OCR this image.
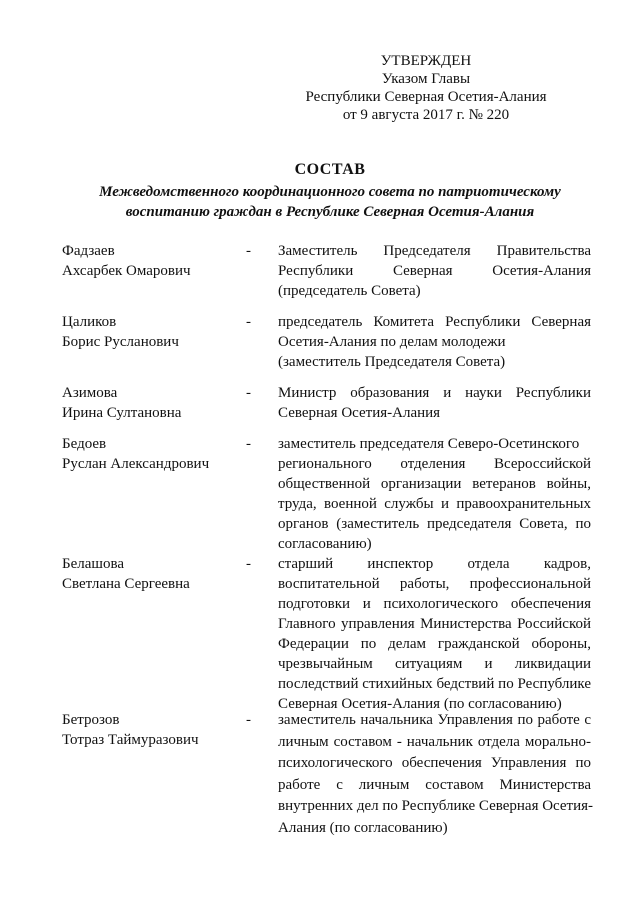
УТВЕРЖДЕН
Указом Главы
Республики Северная Осетия-Алания
от 9 августа 2017 г. № 220
СОСТАВ
Межведомственного координационного совета по патриотическому
воспитанию граждан в Республике Северная Осетия-Алания
Фадзаев
Ахсарбек Омарович
- Заместитель Председателя Правительства
Республики Северная Осетия-Алания
(председатель Совета)
Цаликов
Борис Русланович
- председатель Комитета Республики Северная
Осетия-Алания по делам молодежи
(заместитель Председателя Совета)
Азимова
Ирина Султановна
- Министр образования и науки Республики
Северная Осетия-Алания
Бедоев
Руслан Александрович
- заместитель председателя Северо-Осетинского
регионального отделения Всероссийской
общественной организации ветеранов войны,
труда, военной службы и правоохранительных
органов (заместитель председателя Совета, по
согласованию)
Белашова
Светлана Сергеевна
- старший инспектор отдела кадров,
воспитательной работы, профессиональной
подготовки и психологического обеспечения
Главного управления Министерства Российской
Федерации по делам гражданской обороны,
чрезвычайным ситуациям и ликвидации
последствий стихийных бедствий по Республике
Северная Осетия-Алания (по согласованию)
Бетрозов
Тотраз Таймуразович
- заместитель начальника Управления по работе с
личным составом - начальник отдела морально-
психологического обеспечения Управления по
работе с личным составом Министерства
внутренних дел по Республике Северная Осетия-
Алания (по согласованию)
